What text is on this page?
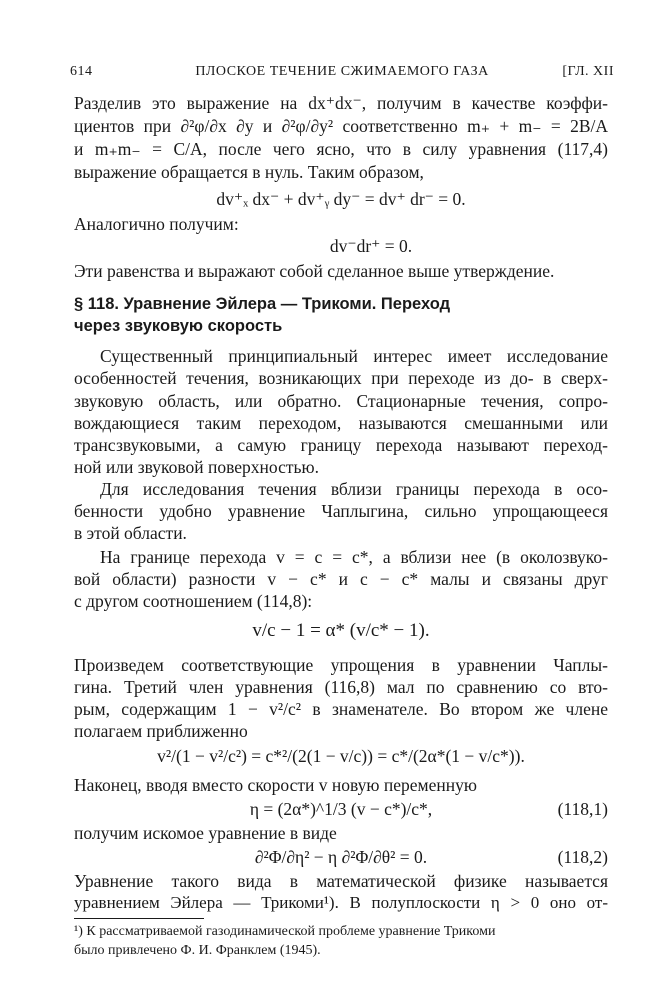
614	ПЛОСКОЕ ТЕЧЕНИЕ СЖИМАЕМОГО ГАЗА	[ГЛ. XII
Разделив это выражение на dx⁺dx⁻, получим в качестве коэффи-
циентов при ∂²φ/∂x ∂y и ∂²φ/∂y² соответственно m₊ + m₋ = 2B/A
и m₊m₋ = C/A, после чего ясно, что в силу уравнения (117,4)
выражение обращается в нуль. Таким образом,
dv⁺ₓ dx⁻ + dv⁺ᵧ dy⁻ = dv⁺ dr⁻ = 0.
Аналогично получим:
dv⁻dr⁺ = 0.
Эти равенства и выражают собой сделанное выше утверждение.
§ 118. Уравнение Эйлера — Трикоми. Переход
через звуковую скорость
Существенный принципиальный интерес имеет исследование
особенностей течения, возникающих при переходе из до- в сверх-
звуковую область, или обратно. Стационарные течения, сопро-
вождающиеся таким переходом, называются смешанными или
трансзвуковыми, а самую границу перехода называют переход-
ной или звуковой поверхностью.
Для исследования течения вблизи границы перехода в осо-
бенности удобно уравнение Чаплыгина, сильно упрощающееся
в этой области.
На границе перехода v = c = c*, а вблизи нее (в околозвуко-
вой области) разности v − c* и c − c* малы и связаны друг
с другом соотношением (114,8):
v/c − 1 = α* (v/c* − 1).
Произведем соответствующие упрощения в уравнении Чаплы-
гина. Третий член уравнения (116,8) мал по сравнению со вто-
рым, содержащим 1 − v²/c² в знаменателе. Во втором же члене
полагаем приближенно
v²/(1 − v²/c²) = c*²/(2(1 − v/c)) = c*/(2α*(1 − v/c*)).
Наконец, вводя вместо скорости v новую переменную
η = (2α*)^1/3 (v − c*)/c*,	(118,1)
получим искомое уравнение в виде
¹) К рассматриваемой газодинамической проблеме уравнение Трикоми
было привлечено Ф. И. Франклем (1945).
∂²Φ/∂η² − η ∂²Φ/∂θ² = 0.	(118,2)
Уравнение такого вида в математической физике называется
уравнением Эйлера — Трикоми¹). В полуплоскости η > 0 оно от-
